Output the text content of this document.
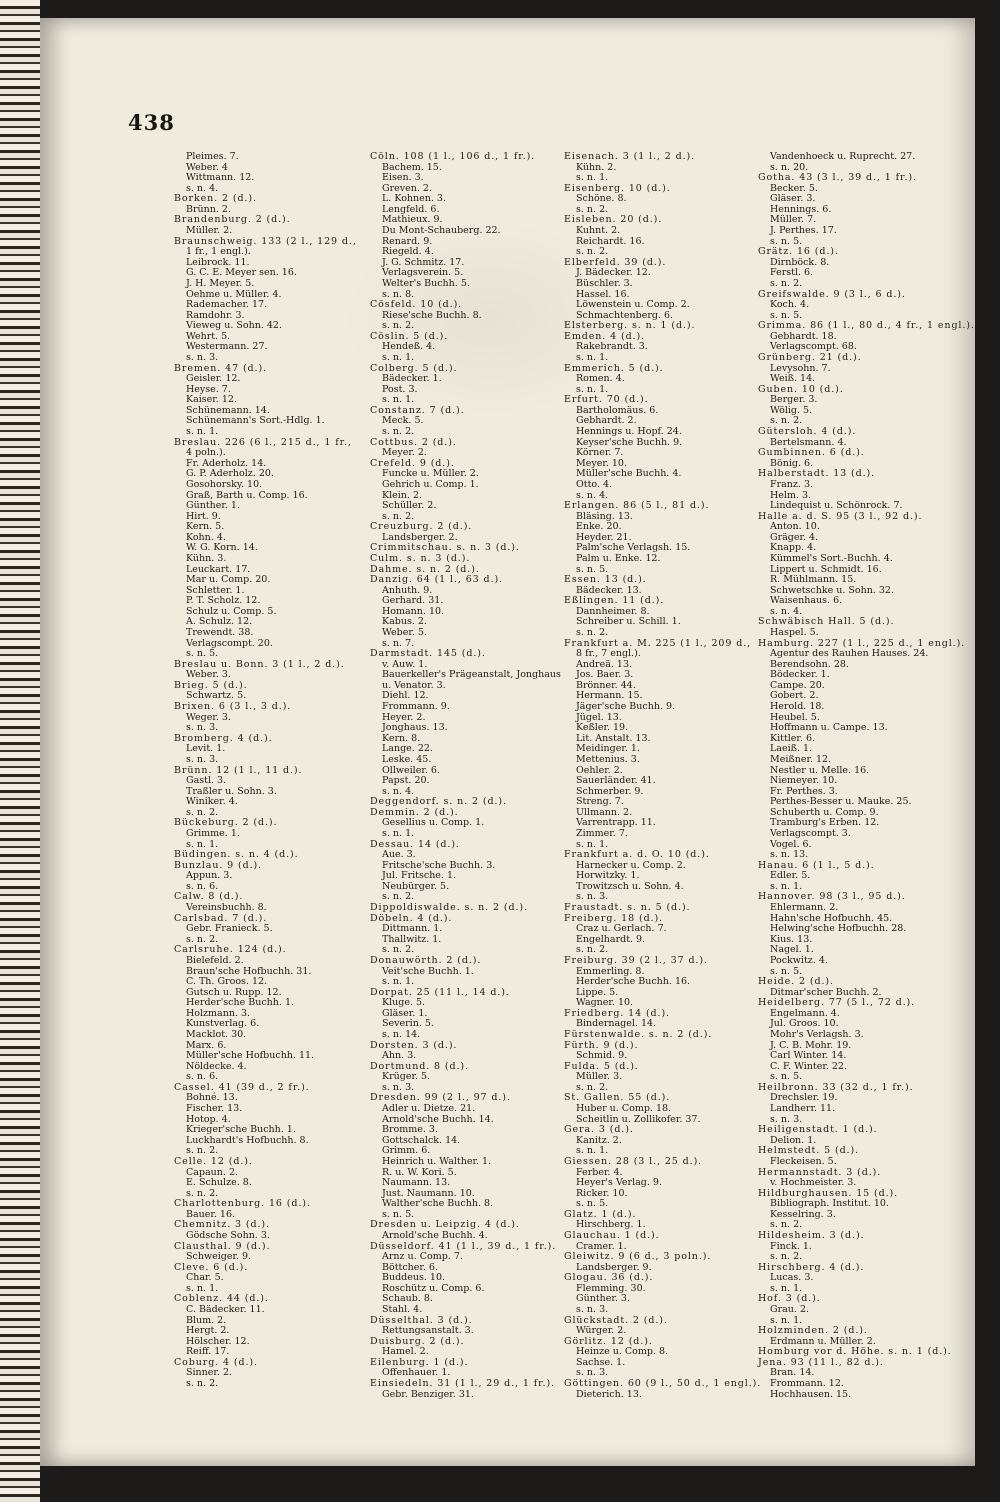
438
Pleimes. 7.
Weber. 4
Wittmann. 12.
s. n. 4.
Borken. 2 (d.).
Brünn. 2.
Brandenburg. 2 (d.).
Müller. 2.
Braunschweig. 133 (2 l., 129 d.,
1 fr., 1 engl.).
Leibrock. 11.
G. C. E. Meyer sen. 16.
J. H. Meyer. 5.
Oehme u. Müller. 4.
Rademacher. 17.
Ramdohr. 3.
Vieweg u. Sohn. 42.
Wehrt. 5.
Westermann. 27.
s. n. 3.
Bremen. 47 (d.).
Geisler. 12.
Heyse. 7.
Kaiser. 12.
Schünemann. 14.
Schünemann's Sort.-Hdlg. 1.
s. n. 1.
Breslau. 226 (6 l., 215 d., 1 fr.,
4 poln.).
Fr. Aderholz. 14.
G. P. Aderholz. 20.
Gosohorsky. 10.
Graß, Barth u. Comp. 16.
Günther. 1.
Hirt. 9.
Kern. 5.
Kohn. 4.
W. G. Korn. 14.
Kühn. 3.
Leuckart. 17.
Mar u. Comp. 20.
Schletter. 1.
P. T. Scholz. 12.
Schulz u. Comp. 5.
A. Schulz. 12.
Trewendt. 38.
Verlagscompt. 20.
s. n. 5.
Breslau u. Bonn. 3 (1 l., 2 d.).
Weber. 3.
Brieg. 5 (d.).
Schwartz. 5.
Brixen. 6 (3 l., 3 d.).
Weger. 3.
s. n. 3.
Bromberg. 4 (d.).
Levit. 1.
s. n. 3.
Brünn. 12 (1 l., 11 d.).
Gastl. 3.
Traßler u. Sohn. 3.
Winiker. 4.
s. n. 2.
Bückeburg. 2 (d.).
Grimme. 1.
s. n. 1.
Büdingen. s. n. 4 (d.).
Bunzlau. 9 (d.).
Appun. 3.
s. n. 6.
Calw. 8 (d.).
Vereinsbuchh. 8.
Carlsbad. 7 (d.).
Gebr. Franieck. 5.
s. n. 2.
Carlsruhe. 124 (d.).
Bielefeld. 2.
Braun'sche Hofbuchh. 31.
C. Th. Groos. 12.
Gutsch u. Rupp. 12.
Herder'sche Buchh. 1.
Holzmann. 3.
Kunstverlag. 6.
Macklot. 30.
Marx. 6.
Müller'sche Hofbuchh. 11.
Nöldecke. 4.
s. n. 6.
Cassel. 41 (39 d., 2 fr.).
Bohné. 13.
Fischer. 13.
Hotop. 4.
Krieger'sche Buchh. 1.
Luckhardt's Hofbuchh. 8.
s. n. 2.
Celle. 12 (d.).
Capaun. 2.
E. Schulze. 8.
s. n. 2.
Charlottenburg. 16 (d.).
Bauer. 16.
Chemnitz. 3 (d.).
Gödsche Sohn. 3.
Clausthal. 9 (d.).
Schweiger. 9.
Cleve. 6 (d.).
Char. 5.
s. n. 1.
Coblenz. 44 (d.).
C. Bädecker. 11.
Blum. 2.
Hergt. 2.
Hölscher. 12.
Reiff. 17.
Coburg. 4 (d.).
Sinner. 2.
s. n. 2.
Cöln. 108 (1 l., 106 d., 1 fr.).
Bachem. 15.
Eisen. 3.
Greven. 2.
L. Kohnen. 3.
Lengfeld. 6.
Mathieux. 9.
Du Mont-Schauberg. 22.
Renard. 9.
Riegeld. 4.
J. G. Schmitz. 17.
Verlagsverein. 5.
Welter's Buchh. 5.
s. n. 8.
Cösfeld. 10 (d.).
Riese'sche Buchh. 8.
s. n. 2.
Cöslin. 5 (d.).
Hendeß. 4.
s. n. 1.
Colberg. 5 (d.).
Bädecker. 1.
Post. 3.
s. n. 1.
Constanz. 7 (d.).
Meck. 5.
s. n. 2.
Cottbus. 2 (d.).
Meyer. 2.
Crefeld. 9 (d.).
Funcke u. Müller. 2.
Gehrich u. Comp. 1.
Klein. 2.
Schüller. 2.
s. n. 2.
Creuzburg. 2 (d.).
Landsberger. 2.
Crimmitschau. s. n. 3 (d.).
Culm. s. n. 3 (d.).
Dahme. s. n. 2 (d.).
Danzig. 64 (1 l., 63 d.).
Anhuth. 9.
Gerhard. 31.
Homann. 10.
Kabus. 2.
Weber. 5.
s. n. 7.
Darmstadt. 145 (d.).
v. Auw. 1.
Bauerkeller's Prägeanstalt, Jonghaus
u. Venator. 3.
Diehl. 12.
Frommann. 9.
Heyer. 2.
Jonghaus. 13.
Kern. 8.
Lange. 22.
Leske. 45.
Ollweiler. 6.
Papst. 20.
s. n. 4.
Deggendorf. s. n. 2 (d.).
Demmin. 2 (d.).
Gesellius u. Comp. 1.
s. n. 1.
Dessau. 14 (d.).
Aue. 3.
Fritsche'sche Buchh. 3.
Jul. Fritsche. 1.
Neubürger. 5.
s. n. 2.
Dippoldiswalde. s. n. 2 (d.).
Döbeln. 4 (d.).
Dittmann. 1.
Thallwitz. 1.
s. n. 2.
Donauwörth. 2 (d.).
Veit'sche Buchh. 1.
s. n. 1.
Dorpat. 25 (11 l., 14 d.).
Kluge. 5.
Gläser. 1.
Severin. 5.
s. n. 14.
Dorsten. 3 (d.).
Ahn. 3.
Dortmund. 8 (d.).
Krüger. 5.
s. n. 3.
Dresden. 99 (2 l., 97 d.).
Adler u. Dietze. 21.
Arnold'sche Buchh. 14.
Bromme. 3.
Gottschalck. 14.
Grimm. 6.
Heinrich u. Walther. 1.
R. u. W. Kori. 5.
Naumann. 13.
Just. Naumann. 10.
Walther'sche Buchh. 8.
s. n. 5.
Dresden u. Leipzig. 4 (d.).
Arnold'sche Buchh. 4.
Düsseldorf. 41 (1 l., 39 d., 1 fr.).
Arnz u. Comp. 7.
Böttcher. 6.
Buddeus. 10.
Roschütz u. Comp. 6.
Schaub. 8.
Stahl. 4.
Düsselthal. 3 (d.).
Rettungsanstalt. 3.
Duisburg. 2 (d.).
Hamel. 2.
Eilenburg. 1 (d.).
Offenhauer. 1.
Einsiedeln. 31 (1 l., 29 d., 1 fr.).
Gebr. Benziger. 31.
Eisenach. 3 (1 l., 2 d.).
Kühn. 2.
s. n. 1.
Eisenberg. 10 (d.).
Schöne. 8.
s. n. 2.
Eisleben. 20 (d.).
Kuhnt. 2.
Reichardt. 16.
s. n. 2.
Elberfeld. 39 (d.).
J. Bädecker. 12.
Büschler. 3.
Hassel. 16.
Löwenstein u. Comp. 2.
Schmachtenberg. 6.
Elsterberg. s. n. 1 (d.).
Emden. 4 (d.).
Rakebrandt. 3.
s. n. 1.
Emmerich. 5 (d.).
Romen. 4.
s. n. 1.
Erfurt. 70 (d.).
Bartholomäus. 6.
Gebhardt. 2.
Hennings u. Hopf. 24.
Keyser'sche Buchh. 9.
Körner. 7.
Meyer. 10.
Müller'sche Buchh. 4.
Otto. 4.
s. n. 4.
Erlangen. 86 (5 l., 81 d.).
Bläsing. 13.
Enke. 20.
Heyder. 21.
Palm'sche Verlagsh. 15.
Palm u. Enke. 12.
s. n. 5.
Essen. 13 (d.).
Bädecker. 13.
Eßlingen. 11 (d.).
Dannheimer. 8.
Schreiber u. Schill. 1.
s. n. 2.
Frankfurt a. M. 225 (1 l., 209 d.,
8 fr., 7 engl.).
Andreä. 13.
Jos. Baer. 3.
Brönner. 44.
Hermann. 15.
Jäger'sche Buchh. 9.
Jügel. 13.
Keßler. 19.
Lit. Anstalt. 13.
Meidinger. 1.
Mettenius. 3.
Oehler. 2.
Sauerländer. 41.
Schmerber. 9.
Streng. 7.
Ullmann. 2.
Varrentrapp. 11.
Zimmer. 7.
s. n. 1.
Frankfurt a. d. O. 10 (d.).
Harnecker u. Comp. 2.
Horwitzky. 1.
Trowitzsch u. Sohn. 4.
s. n. 3.
Fraustadt. s. n. 5 (d.).
Freiberg. 18 (d.).
Craz u. Gerlach. 7.
Engelhardt. 9.
s. n. 2.
Freiburg. 39 (2 l., 37 d.).
Emmerling. 8.
Herder'sche Buchh. 16.
Lippe. 5.
Wagner. 10.
Friedberg. 14 (d.).
Bindernagel. 14.
Fürstenwalde. s. n. 2 (d.).
Fürth. 9 (d.).
Schmid. 9.
Fulda. 5 (d.).
Müller. 3.
s. n. 2.
St. Gallen. 55 (d.).
Huber u. Comp. 18.
Scheitlin u. Zollikofer. 37.
Gera. 3 (d.).
Kanitz. 2.
s. n. 1.
Giessen. 28 (3 l., 25 d.).
Ferber. 4.
Heyer's Verlag. 9.
Ricker. 10.
s. n. 5.
Glatz. 1 (d.).
Hirschberg. 1.
Glauchau. 1 (d.).
Cramer. 1.
Gleiwitz. 9 (6 d., 3 poln.).
Landsberger. 9.
Glogau. 36 (d.).
Flemming. 30.
Günther. 3.
s. n. 3.
Glückstadt. 2 (d.).
Würger. 2.
Görlitz. 12 (d.).
Heinze u. Comp. 8.
Sachse. 1.
s. n. 3.
Göttingen. 60 (9 l., 50 d., 1 engl.).
Dieterich. 13.
Vandenhoeck u. Ruprecht. 27.
s. n. 20.
Gotha. 43 (3 l., 39 d., 1 fr.).
Becker. 5.
Gläser. 3.
Hennings. 6.
Müller. 7.
J. Perthes. 17.
s. n. 5.
Grätz. 16 (d.).
Dirnböck. 8.
Ferstl. 6.
s. n. 2.
Greifswalde. 9 (3 l., 6 d.).
Koch. 4.
s. n. 5.
Grimma. 86 (1 l., 80 d., 4 fr., 1 engl.).
Gebhardt. 18.
Verlagscompt. 68.
Grünberg. 21 (d.).
Levysohn. 7.
Weiß. 14.
Guben. 10 (d.).
Berger. 3.
Wölig. 5.
s. n. 2.
Gütersloh. 4 (d.).
Bertelsmann. 4.
Gumbinnen. 6 (d.).
Bönig. 6.
Halberstadt. 13 (d.).
Franz. 3.
Helm. 3.
Lindequist u. Schönrock. 7.
Halle a. d. S. 95 (3 l., 92 d.).
Anton. 10.
Gräger. 4.
Knapp. 4.
Kümmel's Sort.-Buchh. 4.
Lippert u. Schmidt. 16.
R. Mühlmann. 15.
Schwetschke u. Sohn. 32.
Waisenhaus. 6.
s. n. 4.
Schwäbisch Hall. 5 (d.).
Haspel. 5.
Hamburg. 227 (1 l., 225 d., 1 engl.).
Agentur des Rauhen Hauses. 24.
Berendsohn. 28.
Bödecker. 1.
Campe. 20.
Gobert. 2.
Herold. 18.
Heubel. 5.
Hoffmann u. Campe. 13.
Kittler. 6.
Laeiß. 1.
Meißner. 12.
Nestler u. Melle. 16.
Niemeyer. 10.
Fr. Perthes. 3.
Perthes-Besser u. Mauke. 25.
Schuberth u. Comp. 9.
Tramburg's Erben. 12.
Verlagscompt. 3.
Vogel. 6.
s. n. 13.
Hanau. 6 (1 l., 5 d.).
Edler. 5.
s. n. 1.
Hannover. 98 (3 l., 95 d.).
Ehlermann. 2.
Hahn'sche Hofbuchh. 45.
Helwing'sche Hofbuchh. 28.
Kius. 13.
Nagel. 1.
Pockwitz. 4.
s. n. 5.
Heide. 2 (d.).
Ditmar'scher Buchh. 2.
Heidelberg. 77 (5 l., 72 d.).
Engelmann. 4.
Jul. Groos. 10.
Mohr's Verlagsh. 3.
J. C. B. Mohr. 19.
Carl Winter. 14.
C. F. Winter. 22.
s. n. 5.
Heilbronn. 33 (32 d., 1 fr.).
Drechsler. 19.
Landherr. 11.
s. n. 3.
Heiligenstadt. 1 (d.).
Delion. 1.
Helmstedt. 5 (d.).
Fleckeisen. 5.
Hermannstadt. 3 (d.).
v. Hochmeister. 3.
Hildburghausen. 15 (d.).
Bibliograph. Institut. 10.
Kesselring. 3.
s. n. 2.
Hildesheim. 3 (d.).
Finck. 1.
s. n. 2.
Hirschberg. 4 (d.).
Lucas. 3.
s. n. 1.
Hof. 3 (d.).
Grau. 2.
s. n. 1.
Holzminden. 2 (d.).
Erdmann u. Müller. 2.
Homburg vor d. Höhe. s. n. 1 (d.).
Jena. 93 (11 l., 82 d.).
Bran. 14.
Frommann. 12.
Hochhausen. 15.
